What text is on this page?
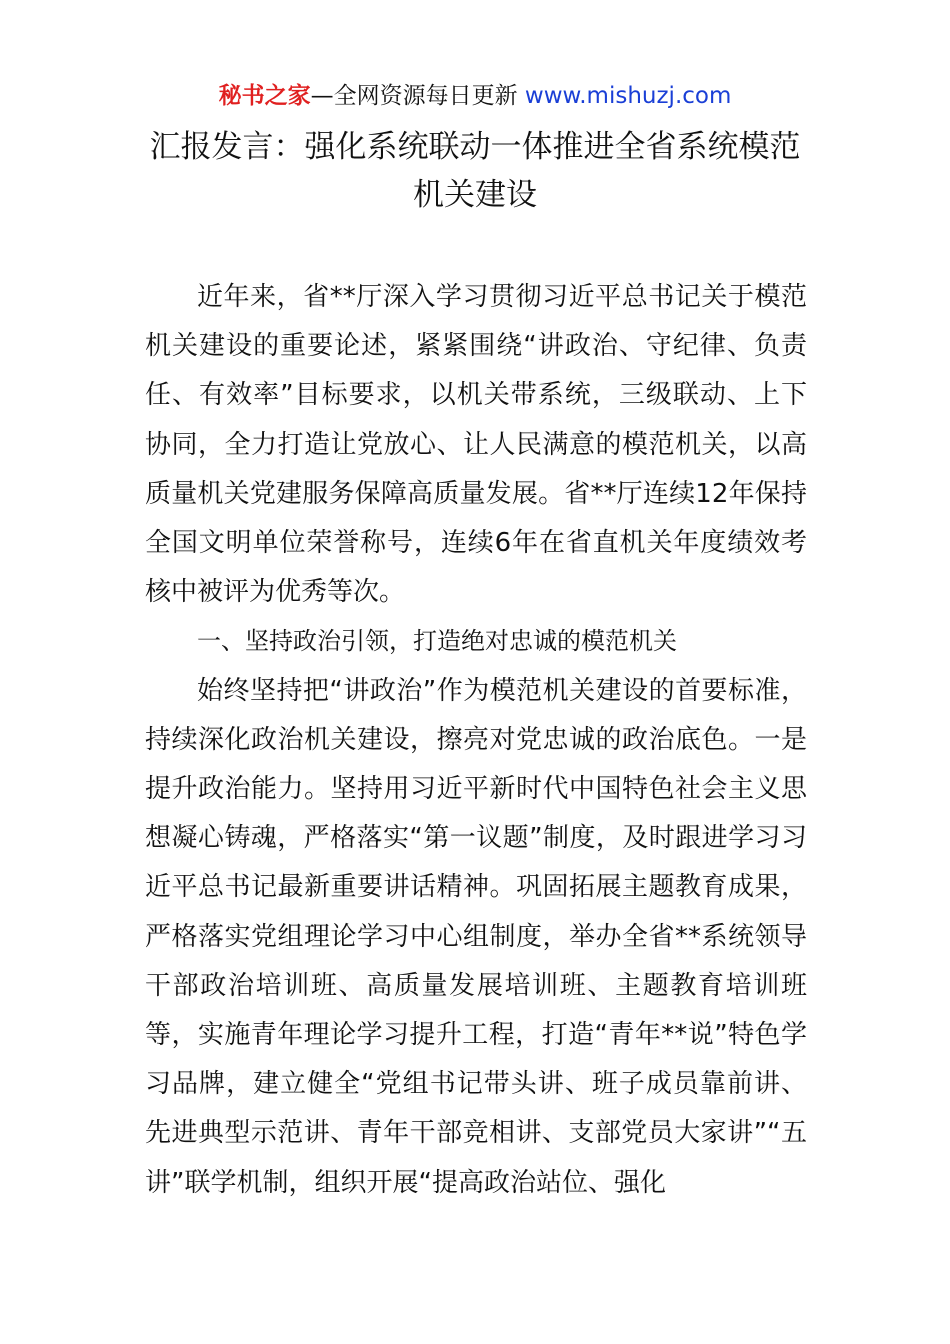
秘书之家—全网资源每日更新 www.mishuzj.com
汇报发言：强化系统联动一体推进全省系统模范机关建设

近年来，省**厅深入学习贯彻习近平总书记关于模范机关建设的重要论述，紧紧围绕“讲政治、守纪律、负责任、有效率”目标要求，以机关带系统，三级联动、上下协同，全力打造让党放心、让人民满意的模范机关，以高质量机关党建服务保障高质量发展。省**厅连续12年保持全国文明单位荣誉称号，连续6年在省直机关年度绩效考核中被评为优秀等次。

一、坚持政治引领，打造绝对忠诚的模范机关

始终坚持把“讲政治”作为模范机关建设的首要标准，持续深化政治机关建设，擦亮对党忠诚的政治底色。一是提升政治能力。坚持用习近平新时代中国特色社会主义思想凝心铸魂，严格落实“第一议题”制度，及时跟进学习习近平总书记最新重要讲话精神。巩固拓展主题教育成果，严格落实党组理论学习中心组制度，举办全省**系统领导干部政治培训班、高质量发展培训班、主题教育培训班等，实施青年理论学习提升工程，打造“青年**说”特色学习品牌，建立健全“党组书记带头讲、班子成员靠前讲、先进典型示范讲、青年干部竞相讲、支部党员大家讲”“五讲”联学机制，组织开展“提高政治站位、强化
